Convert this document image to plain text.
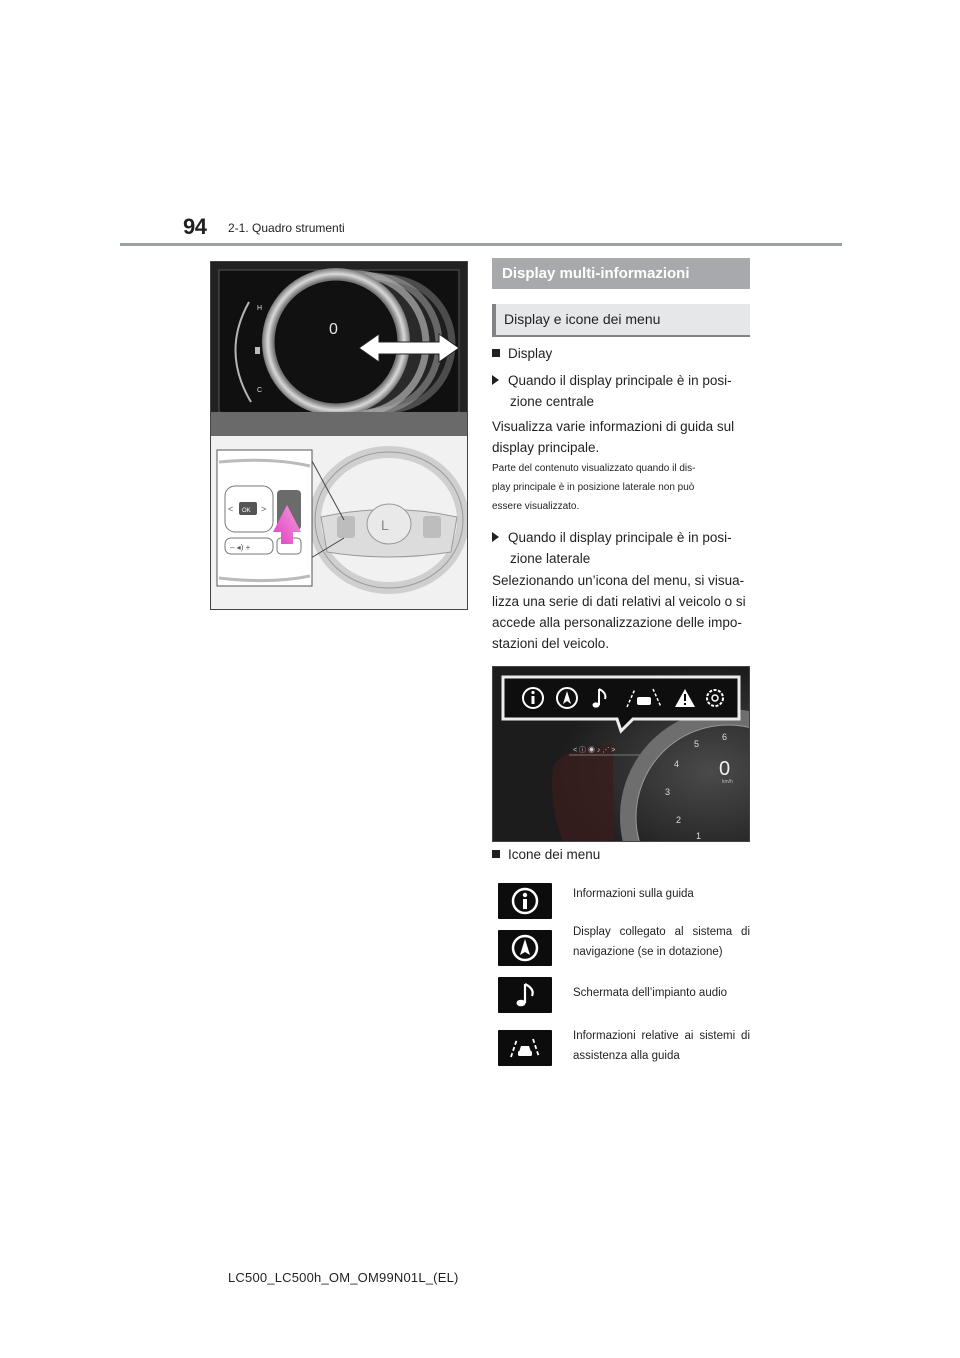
94 2-1. Quadro strumenti
H
C
0
L
OK
<	>
– ◂) +
Display multi-informazioni
Display e icone dei menu
Display
Quando il display principale è in posi-
zione centrale
Visualizza varie informazioni di guida sul
display principale.
Parte del contenuto visualizzato quando il dis-
play principale è in posizione laterale non può
essere visualizzato.
Quando il display principale è in posi-
zione laterale
Selezionando un’icona del menu, si visua-
lizza una serie di dati relativi al veicolo o si
accede alla personalizzazione delle impo-
stazioni del veicolo.
< ⓘ ◉ ♪ ⋰ >
5
6
4
3
2
1
0
km/h
Icone dei menu
Informazioni sulla guida
Display collegato al sistema di navigazione (se in dotazione)
Schermata dell’impianto audio
Informazioni relative ai sistemi di assistenza alla guida
LC500_LC500h_OM_OM99N01L_(EL)
